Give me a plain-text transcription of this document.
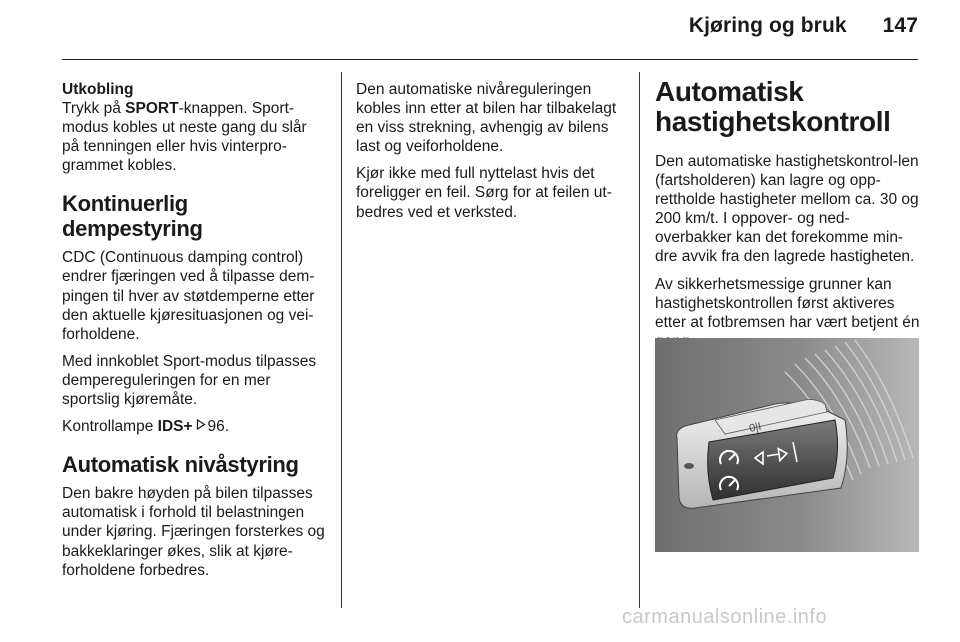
Kjøring og bruk 147
Utkobling

Trykk på SPORT-knappen. Sport-modus kobles ut neste gang du slår på tenningen eller hvis vinterpro-grammet kobles.

Kontinuerlig dempestyring

CDC (Continuous damping control) endrer fjæringen ved å tilpasse dem-pingen til hver av støtdemperne etter den aktuelle kjøresituasjonen og vei-forholdene.

Med innkoblet Sport-modus tilpasses dempereguleringen for en mer sportslig kjøremåte.

Kontrollampe IDS+ 96.

Automatisk nivåstyring

Den bakre høyden på bilen tilpasses automatisk i forhold til belastningen under kjøring. Fjæringen forsterkes og bakkeklaringer økes, slik at kjøre-forholdene forbedres.

Den automatiske nivåreguleringen kobles inn etter at bilen har tilbakelagt en viss strekning, avhengig av bilens last og veiforholdene.

Kjør ikke med full nyttelast hvis det foreligger en feil. Sørg for at feilen ut-bedres ved et verksted.

Automatisk
hastighetskontroll

Den automatiske hastighetskontrol-len (fartsholderen) kan lagre og opp-rettholde hastigheter mellom ca. 30 og 200 km/t. I oppover- og ned-overbakker kan det forekomme min-dre avvik fra den lagrede hastigheten.

Av sikkerhetsmessige grunner kan hastighetskontrollen først aktiveres etter at fotbremsen har vært betjent én

0|I
carmanualsonline.info
